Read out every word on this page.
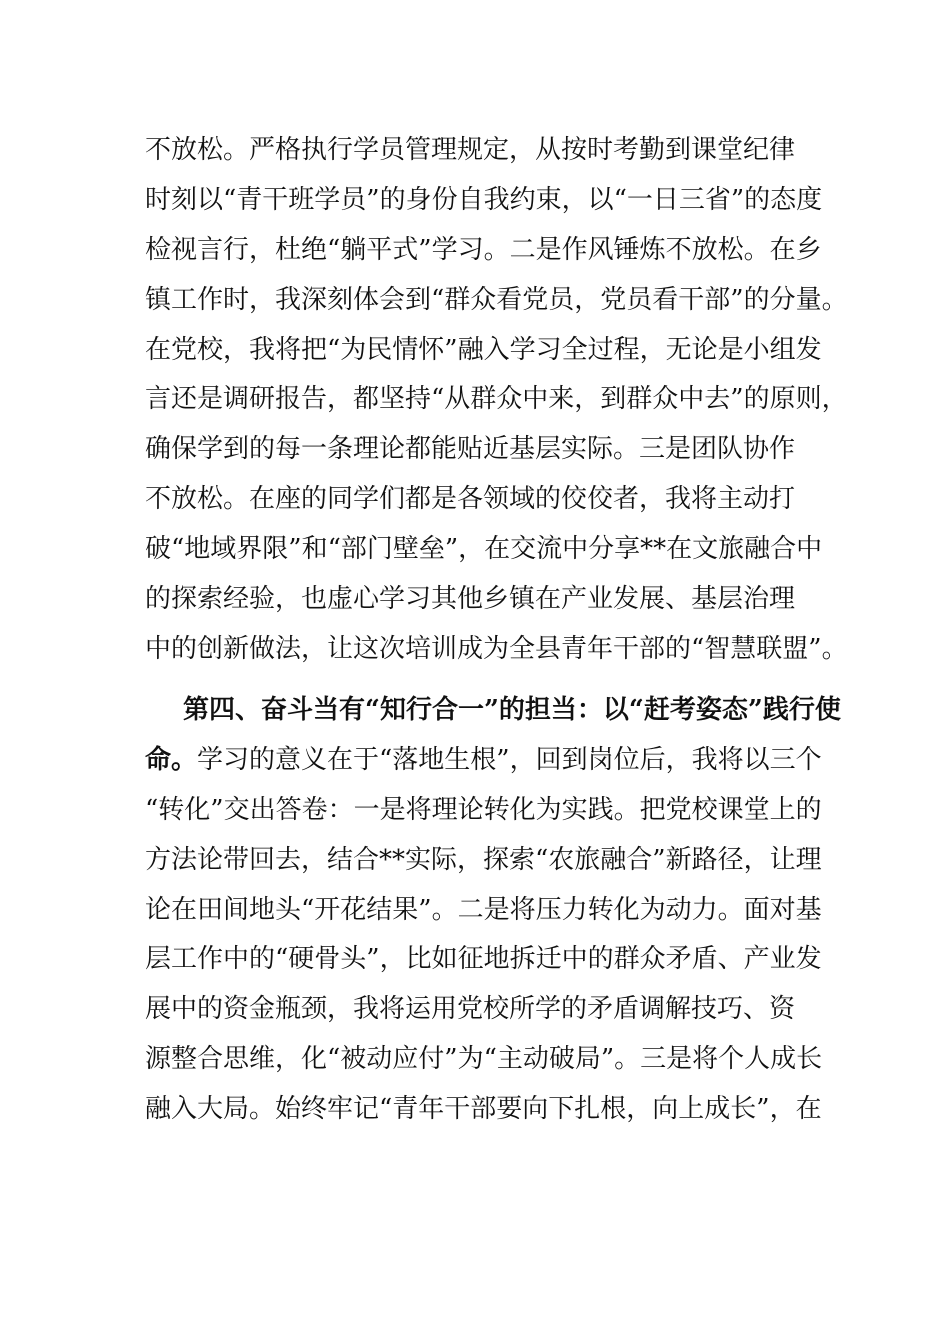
不放松。严格执行学员管理规定，从按时考勤到课堂纪律
时刻以“青干班学员”的身份自我约束，以“一日三省”的态度
检视言行，杜绝“躺平式”学习。二是作风锤炼不放松。在乡
镇工作时，我深刻体会到“群众看党员，党员看干部”的分量。
在党校，我将把“为民情怀”融入学习全过程，无论是小组发
言还是调研报告，都坚持“从群众中来，到群众中去”的原则，
确保学到的每一条理论都能贴近基层实际。三是团队协作
不放松。在座的同学们都是各领域的佼佼者，我将主动打
破“地域界限”和“部门壁垒”，在交流中分享**在文旅融合中
的探索经验，也虚心学习其他乡镇在产业发展、基层治理
中的创新做法，让这次培训成为全县青年干部的“智慧联盟”。
第四、奋斗当有“知行合一”的担当：以“赶考姿态”践行使
命。学习的意义在于“落地生根”，回到岗位后，我将以三个
“转化”交出答卷：一是将理论转化为实践。把党校课堂上的
方法论带回去，结合**实际，探索“农旅融合”新路径，让理
论在田间地头“开花结果”。二是将压力转化为动力。面对基
层工作中的“硬骨头”，比如征地拆迁中的群众矛盾、产业发
展中的资金瓶颈，我将运用党校所学的矛盾调解技巧、资
源整合思维，化“被动应付”为“主动破局”。三是将个人成长
融入大局。始终牢记“青年干部要向下扎根，向上成长”，在
